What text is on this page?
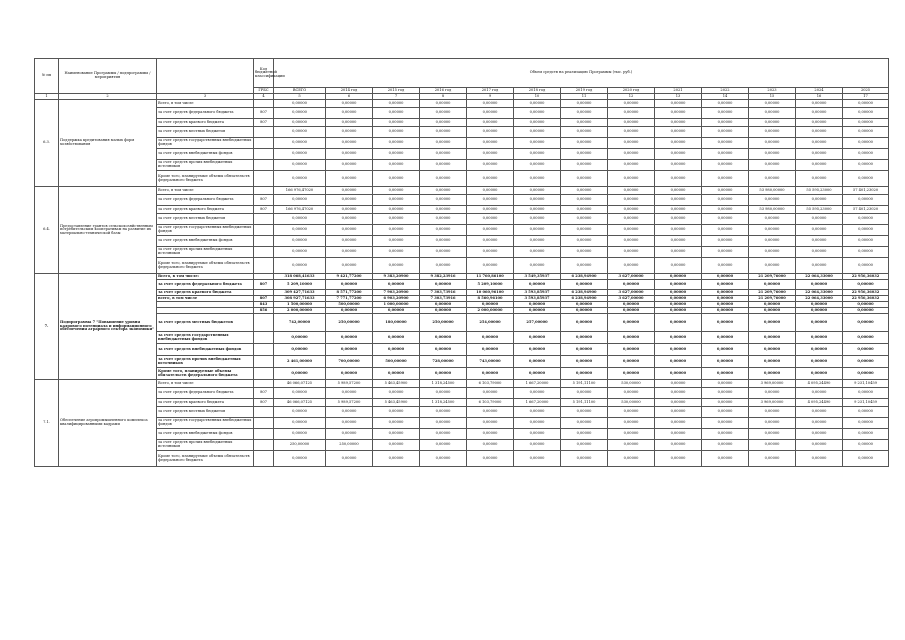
№ пп	Наименование Программы / подпрограммы / мероприятия		Код бюджетной классификации	Объем средств на реализацию Программы (тыс. руб.)												
			ГРБС	ВСЕГО	2014 год	2015 год	2016 год	2017 год	2018 год	2019 год	2020 год	2021	2022	2023	2024	2025
1	2	3	4	5	6	7	8	9	10	11	12	13	14	15	16	17
6.3.	Поддержка кредитования малых форм хозяйствования	Всего, в том числе		0,00000	0,00000	0,00000	0,00000	0,00000	0,00000	0,00000	0,00000	0,00000	0,00000	0,00000	0,00000	0,00000
		за счет средств федерального бюджета	807	0,00000	0,00000	0,00000	0,00000	0,00000	0,00000	0,00000	0,00000	0,00000	0,00000	0,00000	0,00000	0,00000
		за счет средств краевого бюджета	807	0,00000	0,00000	0,00000	0,00000	0,00000	0,00000	0,00000	0,00000	0,00000	0,00000	0,00000	0,00000	0,00000
		за счет средств местных бюджетов		0,00000	0,00000	0,00000	0,00000	0,00000	0,00000	0,00000	0,00000	0,00000	0,00000	0,00000	0,00000	0,00000
		за счет средств государственных внебюджетных фондов		0,00000	0,00000	0,00000	0,00000	0,00000	0,00000	0,00000	0,00000	0,00000	0,00000	0,00000	0,00000	0,00000
		за счет средств внебюджетных фондов		0,00000	0,00000	0,00000	0,00000	0,00000	0,00000	0,00000	0,00000	0,00000	0,00000	0,00000	0,00000	0,00000
		за счет средств прочих внебюджетных источников		0,00000	0,00000	0,00000	0,00000	0,00000	0,00000	0,00000	0,00000	0,00000	0,00000	0,00000	0,00000	0,00000
		Кроме того, планируемые объемы обязательств федерального бюджета		0,00000	0,00000	0,00000	0,00000	0,00000	0,00000	0,00000	0,00000	0,00000	0,00000	0,00000	0,00000	0,00000
6.4.	Предоставление грантов сельскохозяйственным потребительским кооперативам на развитие их материально-технической базы	Всего, в том числе		166 976,47020	0,00000	0,00000	0,00000	0,00000	0,00000	0,00000	0,00000	0,00000	0,00000	53 980,00000	55 595,23000	57 401,23020
		за счет средств федерального бюджета	807	0,00000	0,00000	0,00000	0,00000	0,00000	0,00000	0,00000	0,00000	0,00000	0,00000	0,00000	0,00000	0,00000
		за счет средств краевого бюджета	807	166 976,47020	0,00000	0,00000	0,00000	0,00000	0,00000	0,00000	0,00000	0,00000	0,00000	53 980,00000	55 595,23000	57 401,23020
		за счет средств местных бюджетов		0,00000	0,00000	0,00000	0,00000	0,00000	0,00000	0,00000	0,00000	0,00000	0,00000	0,00000	0,00000	0,00000
		за счет средств государственных внебюджетных фондов		0,00000	0,00000	0,00000	0,00000	0,00000	0,00000	0,00000	0,00000	0,00000	0,00000	0,00000	0,00000	0,00000
		за счет средств внебюджетных фондов		0,00000	0,00000	0,00000	0,00000	0,00000	0,00000	0,00000	0,00000	0,00000	0,00000	0,00000	0,00000	0,00000
		за счет средств прочих внебюджетных источников		0,00000	0,00000	0,00000	0,00000	0,00000	0,00000	0,00000	0,00000	0,00000	0,00000	0,00000	0,00000	0,00000
		Кроме того, планируемые объемы обязательств федерального бюджета		0,00000	0,00000	0,00000	0,00000	0,00000	0,00000	0,00000	0,00000	0,00000	0,00000	0,00000	0,00000	0,00000
7.	Подпрограмма 7 "Повышение уровня кадрового потенциала и информационного обеспечения аграрного сектора экономики"	Всего, в том числе:		318 068,41633	9 421,77200	9 383,20900	9 382,23916	11 760,86100	3 549,35937	6 238,94900	3 627,00000	0,00000	0,00000	21 209,76000	22 064,33000	22 956,36032
		за счет средств федерального бюджета	807	5 209,10000	0,00000	0,00000	0,00000	5 209,10000	0,00000	0,00000	0,00000	0,00000	0,00000	0,00000	0,00000	0,00000
		за счет средств краевого бюджета		309 427,71633	8 571,77200	7 903,20900	7 303,73916	10 060,96100	3 593,85937	6 238,94900	3 627,00000	0,00000	0,00000	21 209,76000	22 064,33000	22 956,36032
		всего, в том числе	807	308 927,71633	7 771,77200	6 903,20900	7 303,73916	8 560,96100	3 593,85937	6 238,94900	3 627,00000	0,00000	0,00000	21 209,76000	22 064,33000	22 956,36032
			843	1 500,00000	500,00000	1 000,00000	0,00000	0,00000	0,00000	0,00000	0,00000	0,00000	0,00000	0,00000	0,00000	0,00000
			856	2 000,00000	0,00000	0,00000	0,00000	2 000,00000	0,00000	0,00000	0,00000	0,00000	0,00000	0,00000	0,00000	0,00000
		за счет средств местных бюджетов		742,00000	250,00000	180,00000	250,00000	254,00000	257,00000	0,00000	0,00000	0,00000	0,00000	0,00000	0,00000	0,00000
		за счет средств государственных внебюджетных фондов		0,00000	0,00000	0,00000	0,00000	0,00000	0,00000	0,00000	0,00000	0,00000	0,00000	0,00000	0,00000	0,00000
		за счет средств внебюджетных фондов		0,00000	0,00000	0,00000	0,00000	0,00000	0,00000	0,00000	0,00000	0,00000	0,00000	0,00000	0,00000	0,00000
		за счет средств прочих внебюджетных источников		2 461,00000	700,00000	500,00000	728,00000	743,00000	0,00000	0,00000	0,00000	0,00000	0,00000	0,00000	0,00000	0,00000
		Кроме того, планируемые объемы обязательств федерального бюджета		0,00000	0,00000	0,00000	0,00000	0,00000	0,00000	0,00000	0,00000	0,00000	0,00000	0,00000	0,00000	0,00000
7.1.	Обеспечение агропромышленного комплекса квалифицированными кадрами	Всего, в том числе		46 066,07125	5 989,57200	5 463,45900	1 318,24500	6 103,79000	1 667,20000	5 191,11100	530,00000	0,00000	0,00000	3 969,00000	4 095,24490	9 231,10459
		за счет средств федерального бюджета	807	0,00000	0,00000	0,00000	0,00000	0,00000	0,00000	0,00000	0,00000	0,00000	0,00000	0,00000	0,00000	0,00000
		за счет средств краевого бюджета	807	46 066,07125	5 989,57200	5 463,45900	1 318,24500	6 103,79000	1 667,20000	5 191,11100	530,00000	0,00000	0,00000	3 969,00000	4 095,24490	9 231,10459
		за счет средств местных бюджетов		0,00000	0,00000	0,00000	0,00000	0,00000	0,00000	0,00000	0,00000	0,00000	0,00000	0,00000	0,00000	0,00000
		за счет средств государственных внебюджетных фондов		0,00000	0,00000	0,00000	0,00000	0,00000	0,00000	0,00000	0,00000	0,00000	0,00000	0,00000	0,00000	0,00000
		за счет средств внебюджетных фондов		0,00000	0,00000	0,00000	0,00000	0,00000	0,00000	0,00000	0,00000	0,00000	0,00000	0,00000	0,00000	0,00000
		за счет средств прочих внебюджетных источников		250,00000	250,00000	0,00000	0,00000	0,00000	0,00000	0,00000	0,00000	0,00000	0,00000	0,00000	0,00000	0,00000
		Кроме того, планируемые объемы обязательств федерального бюджета		0,00000	0,00000	0,00000	0,00000	0,00000	0,00000	0,00000	0,00000	0,00000	0,00000	0,00000	0,00000	0,00000
